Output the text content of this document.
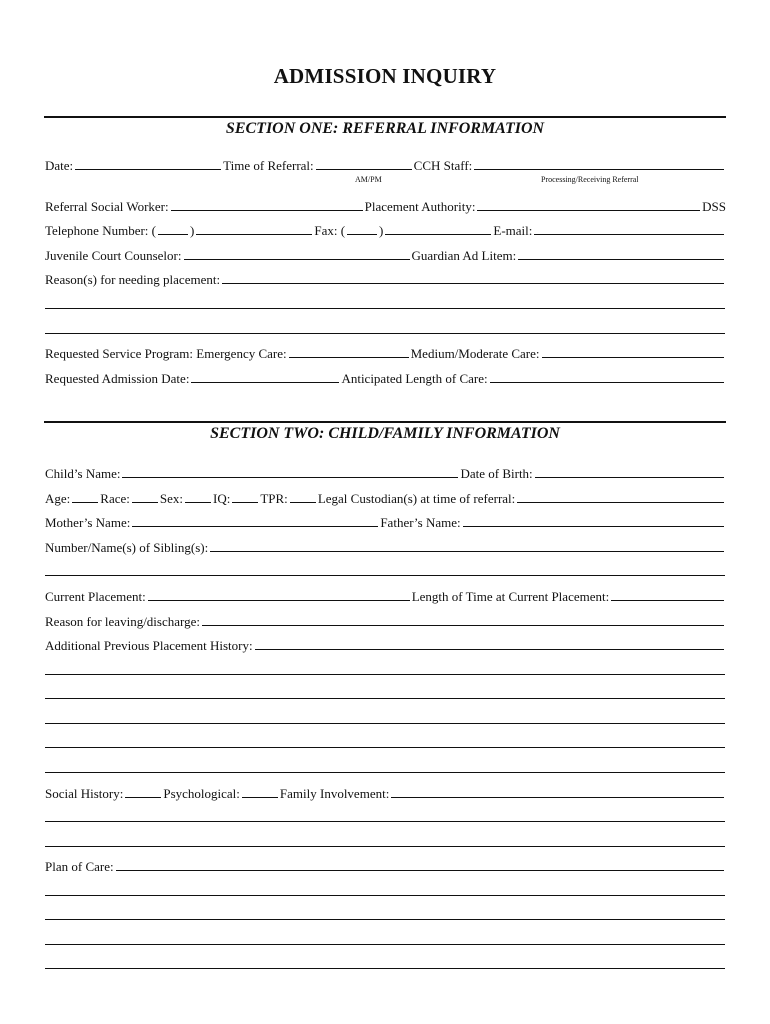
ADMISSION INQUIRY
SECTION ONE: REFERRAL INFORMATION
Date:	Time of Referral:	CCH Staff:
AM/PM	Processing/Receiving Referral
Referral Social Worker:	Placement Authority:	DSS
Telephone Number: (	)	Fax: (	)	E-mail:
Juvenile Court Counselor:	Guardian Ad Litem:
Reason(s) for needing placement:
Requested Service Program: Emergency Care:	Medium/Moderate Care:
Requested Admission Date:	Anticipated Length of Care:
SECTION TWO: CHILD/FAMILY INFORMATION
Child’s Name:	Date of Birth:
Age: Race: Sex: IQ: TPR: Legal Custodian(s) at time of referral:
Mother’s Name:	Father’s Name:
Number/Name(s) of Sibling(s):
Current Placement:	Length of Time at Current Placement:
Reason for leaving/discharge:
Additional Previous Placement History:
Social History:	Psychological:	Family Involvement:
Plan of Care:
